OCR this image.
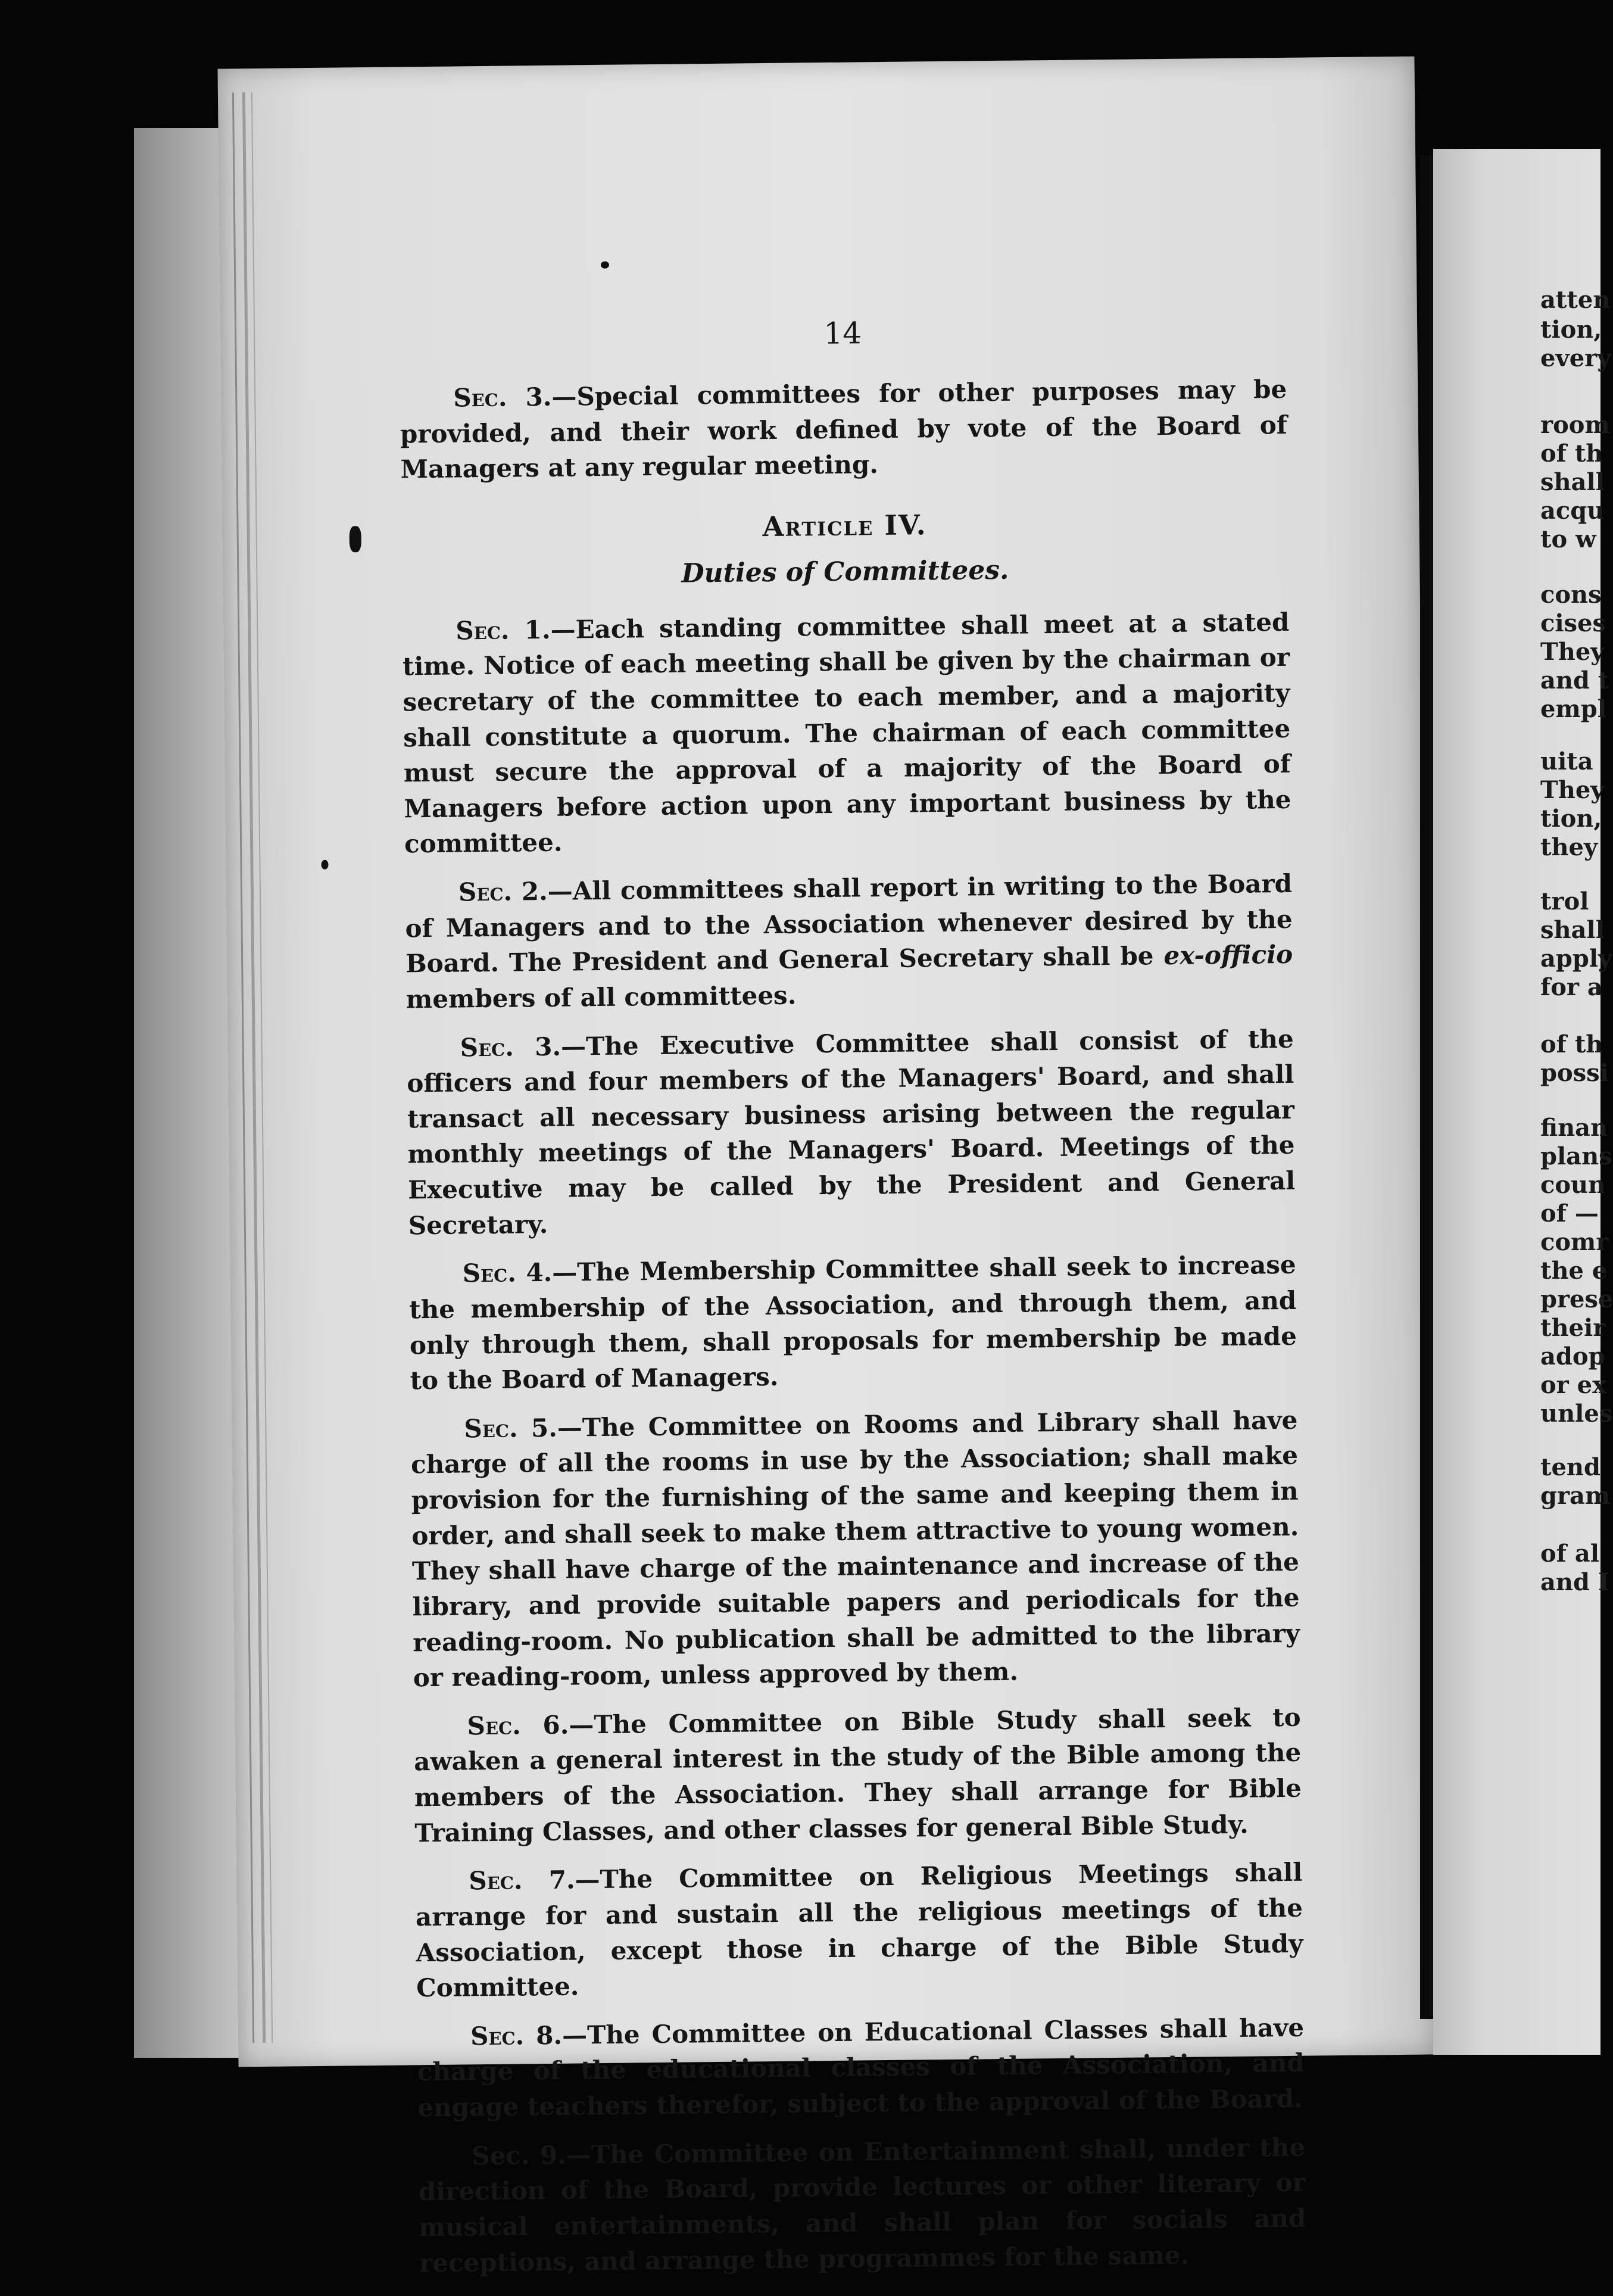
14

Sec. 3.—Special committees for other purposes may be provided, and their work defined by vote of the Board of Managers at any regular meeting.

Article IV.

Duties of Committees.

Sec. 1.—Each standing committee shall meet at a stated time. Notice of each meeting shall be given by the chairman or secretary of the committee to each member, and a majority shall constitute a quorum. The chairman of each committee must secure the approval of a majority of the Board of Managers before action upon any important business by the committee.

Sec. 2.—All committees shall report in writing to the Board of Managers and to the Association whenever desired by the Board. The President and General Secretary shall be ex-officio members of all committees.

Sec. 3.—The Executive Committee shall consist of the officers and four members of the Managers' Board, and shall transact all necessary business arising between the regular monthly meetings of the Managers' Board. Meetings of the Executive may be called by the President and General Secretary.

Sec. 4.—The Membership Committee shall seek to increase the membership of the Association, and through them, and only through them, shall proposals for membership be made to the Board of Managers.

Sec. 5.—The Committee on Rooms and Library shall have charge of all the rooms in use by the Association; shall make provision for the furnishing of the same and keeping them in order, and shall seek to make them attractive to young women. They shall have charge of the maintenance and increase of the library, and provide suitable papers and periodicals for the reading-room. No publication shall be admitted to the library or reading-room, unless approved by them.

Sec. 6.—The Committee on Bible Study shall seek to awaken a general interest in the study of the Bible among the members of the Association. They shall arrange for Bible Training Classes, and other classes for general Bible Study.

Sec. 7.—The Committee on Religious Meetings shall arrange for and sustain all the religious meetings of the Association, except those in charge of the Bible Study Committee.

Sec. 8.—The Committee on Educational Classes shall have charge of the educational classes of the Association, and engage teachers therefor, subject to the approval of the Board.

Sec. 9.—The Committee on Entertainment shall, under the direction of the Board, provide lectures or other literary or musical entertainments, and shall plan for socials and receptions, and arrange the programmes for the same.

atten
tion,
every
room
of th
shall
acqu
to w
cons
cises
They
and t
empl
uita
They
tion,
they
trol
shall
apply
for a
of th
possi
finan
plans
coun
of —
comr
the e
prese
their
adop
or ex
unles
tend
gram
of al
and I
